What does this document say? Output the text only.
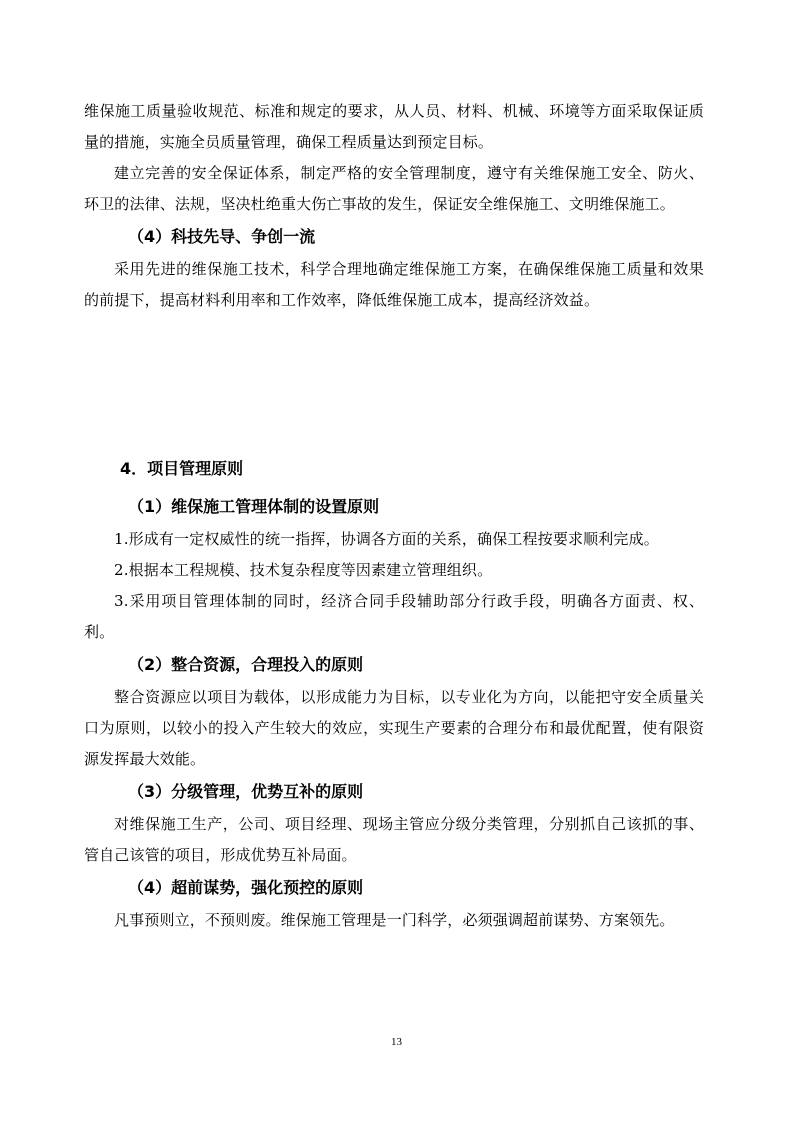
维保施工质量验收规范、标准和规定的要求，从人员、材料、机械、环境等方面采取保证质量的措施，实施全员质量管理，确保工程质量达到预定目标。

建立完善的安全保证体系，制定严格的安全管理制度，遵守有关维保施工安全、防火、环卫的法律、法规，坚决杜绝重大伤亡事故的发生，保证安全维保施工、文明维保施工。

（4）科技先导、争创一流

采用先进的维保施工技术，科学合理地确定维保施工方案，在确保维保施工质量和效果的前提下，提高材料利用率和工作效率，降低维保施工成本，提高经济效益。

4．项目管理原则
（1）维保施工管理体制的设置原则

1.形成有一定权威性的统一指挥，协调各方面的关系，确保工程按要求顺利完成。

2.根据本工程规模、技术复杂程度等因素建立管理组织。

3.采用项目管理体制的同时，经济合同手段辅助部分行政手段，明确各方面责、权、利。

（2）整合资源，合理投入的原则

整合资源应以项目为载体，以形成能力为目标，以专业化为方向，以能把守安全质量关口为原则，以较小的投入产生较大的效应，实现生产要素的合理分布和最优配置，使有限资源发挥最大效能。

（3）分级管理，优势互补的原则

对维保施工生产，公司、项目经理、现场主管应分级分类管理，分别抓自己该抓的事、管自己该管的项目，形成优势互补局面。

（4）超前谋势，强化预控的原则

凡事预则立，不预则废。维保施工管理是一门科学，必须强调超前谋势、方案领先。

13
